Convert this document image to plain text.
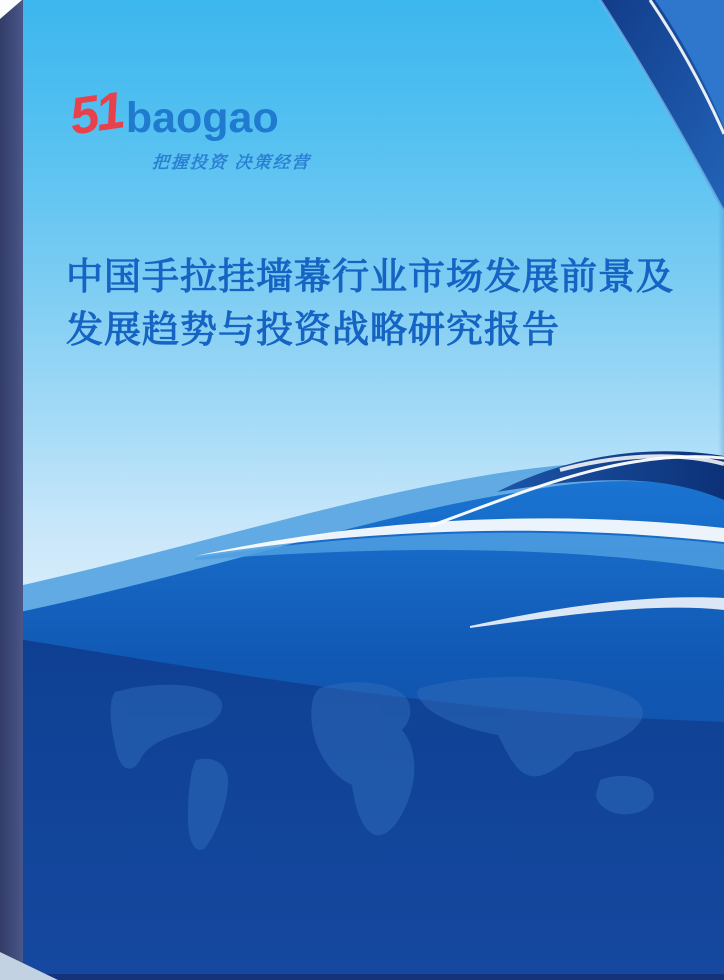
51 baogao
把握投资 决策经营
中国手拉挂墙幕行业市场发展前景及
发展趋势与投资战略研究报告
